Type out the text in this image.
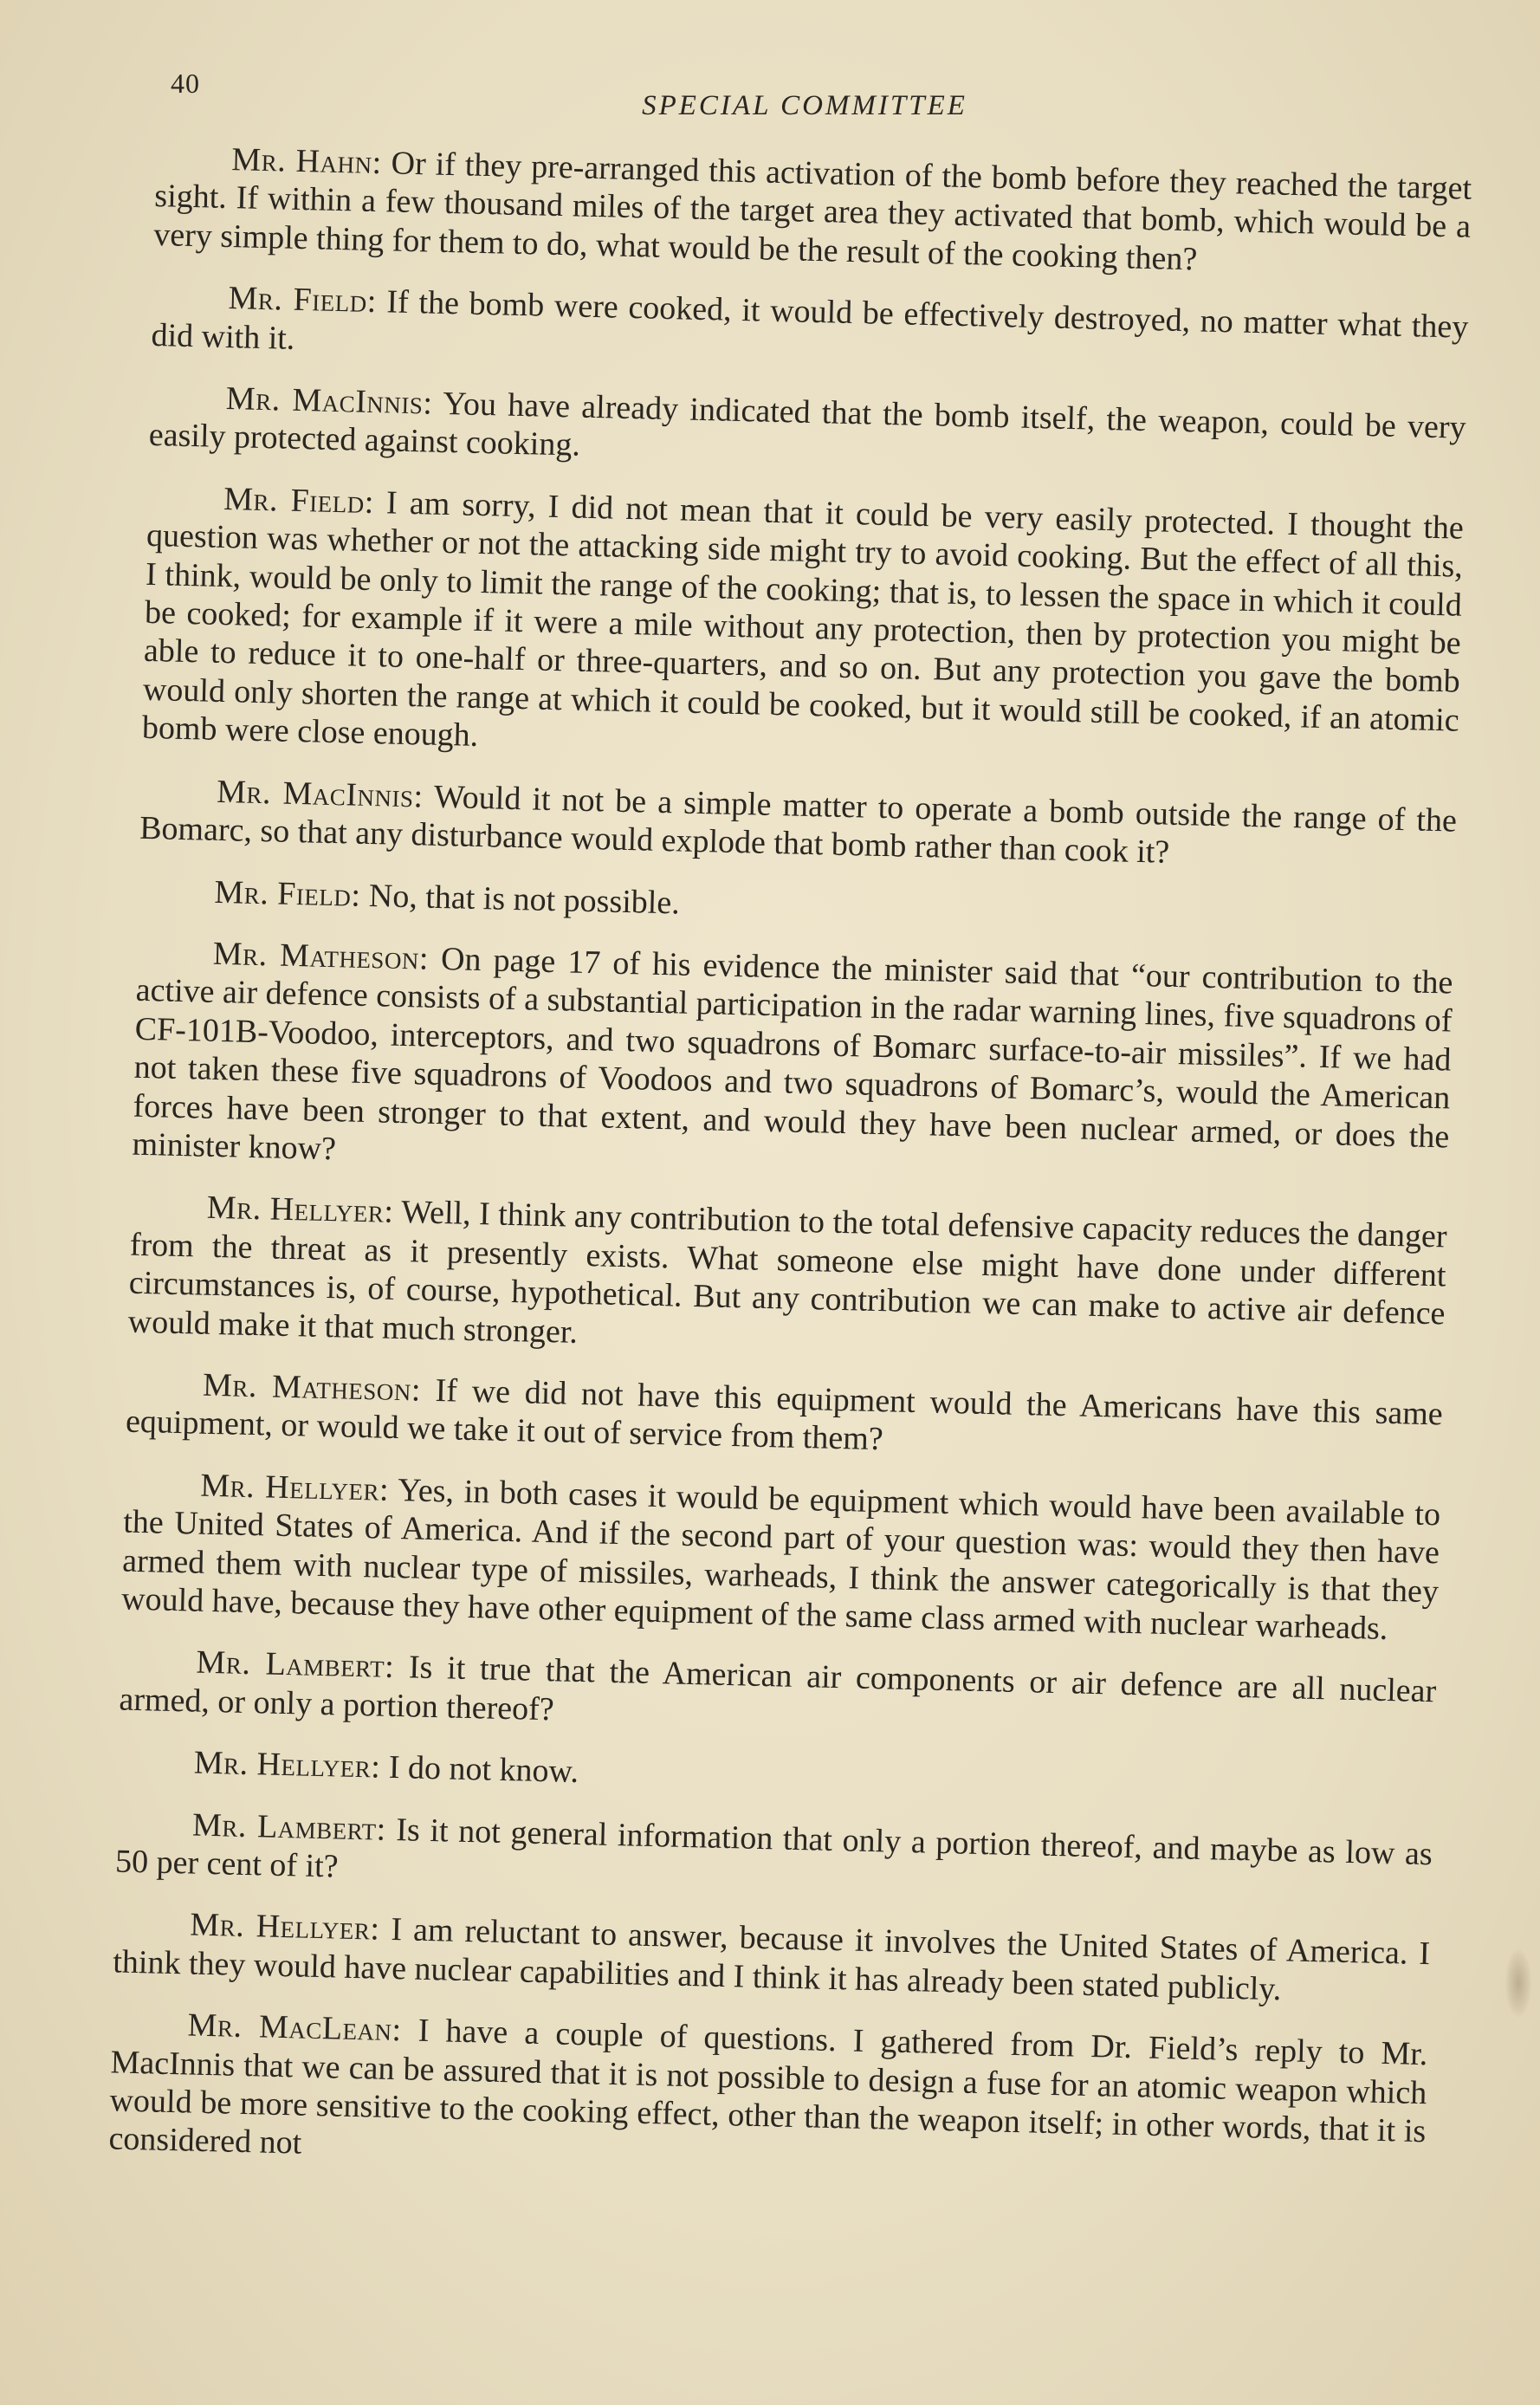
40
SPECIAL COMMITTEE

Mr. Hahn: Or if they pre-arranged this activation of the bomb before they reached the target sight. If within a few thousand miles of the target area they activated that bomb, which would be a very simple thing for them to do, what would be the result of the cooking then?

Mr. Field: If the bomb were cooked, it would be effectively destroyed, no matter what they did with it.

Mr. MacInnis: You have already indicated that the bomb itself, the weapon, could be very easily protected against cooking.

Mr. Field: I am sorry, I did not mean that it could be very easily protected. I thought the question was whether or not the attacking side might try to avoid cooking. But the effect of all this, I think, would be only to limit the range of the cooking; that is, to lessen the space in which it could be cooked; for example if it were a mile without any protection, then by protection you might be able to reduce it to one-half or three-quarters, and so on. But any protection you gave the bomb would only shorten the range at which it could be cooked, but it would still be cooked, if an atomic bomb were close enough.

Mr. MacInnis: Would it not be a simple matter to operate a bomb outside the range of the Bomarc, so that any disturbance would explode that bomb rather than cook it?

Mr. Field: No, that is not possible.

Mr. Matheson: On page 17 of his evidence the minister said that “our contribution to the active air defence consists of a substantial participation in the radar warning lines, five squadrons of CF-101B-Voodoo, interceptors, and two squadrons of Bomarc surface-to-air missiles”. If we had not taken these five squadrons of Voodoos and two squadrons of Bomarc’s, would the American forces have been stronger to that extent, and would they have been nuclear armed, or does the minister know?

Mr. Hellyer: Well, I think any contribution to the total defensive capacity reduces the danger from the threat as it presently exists. What someone else might have done under different circumstances is, of course, hypothetical. But any contribution we can make to active air defence would make it that much stronger.

Mr. Matheson: If we did not have this equipment would the Americans have this same equipment, or would we take it out of service from them?

Mr. Hellyer: Yes, in both cases it would be equipment which would have been available to the United States of America. And if the second part of your question was: would they then have armed them with nuclear type of missiles, warheads, I think the answer categorically is that they would have, because they have other equipment of the same class armed with nuclear warheads.

Mr. Lambert: Is it true that the American air components or air defence are all nuclear armed, or only a portion thereof?

Mr. Hellyer: I do not know.

Mr. Lambert: Is it not general information that only a portion thereof, and maybe as low as 50 per cent of it?

Mr. Hellyer: I am reluctant to answer, because it involves the United States of America. I think they would have nuclear capabilities and I think it has already been stated publicly.

Mr. MacLean: I have a couple of questions. I gathered from Dr. Field’s reply to Mr. MacInnis that we can be assured that it is not possible to design a fuse for an atomic weapon which would be more sensitive to the cooking effect, other than the weapon itself; in other words, that it is considered not
